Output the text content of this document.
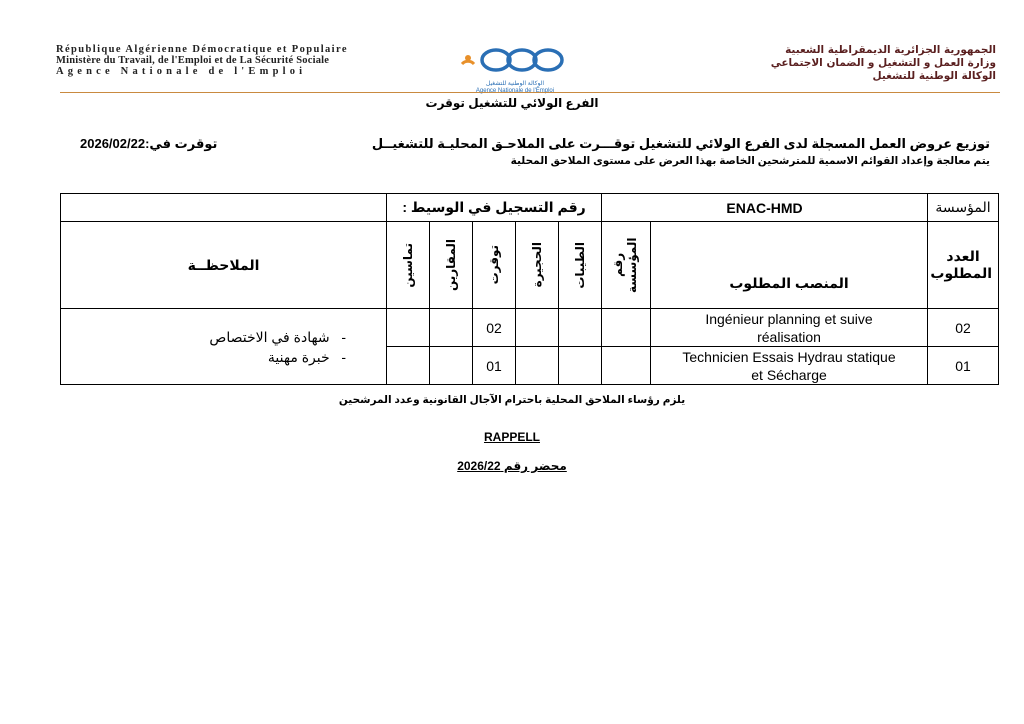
République Algérienne Démocratique et Populaire
Ministère du Travail, de l'Emploi et de La Sécurité Sociale
Agence Nationale de l'Emploi
الوكالة الوطنية للتشغيل
Agence Nationale de l'Emploi
الجمهورية الجزائرية الديمقراطية الشعبية
وزارة العمل و التشغيل و الضمان الاجتماعي
الوكالة الوطنية للتشغيل
الفرع الولائي للتشغيل توقرت
توزيع عروض العمل المسجلة لدى الفرع الولائي للتشغيل توقـــرت على الملاحـق المحليـة للتشغيــل
توقرت في:2026/02/22
يتم معالجة وإعداد القوائم الاسمية للمترشحين الخاصة بهذا العرض على مستوى الملاحق المحلية
	رقم التسجيل في الوسيط :					ENAC-HMD		المؤسسة
الملاحظــة	تماسين	المقارين	توقرت	الحجيرة	الطيبات	رقم المؤسسة	المنصب المطلوب	العدد المطلوب

-   شهادة في الاختصاص
-   خبرة مهنية			02				Ingénieur planning et suive réalisation	02
			01				Technicien Essais Hydrau statique et Sécharge	01
يلزم رؤساء الملاحق المحلية باحترام الآجال القانونية وعدد المرشحين
RAPPELL
محضر رقم 2026/22
